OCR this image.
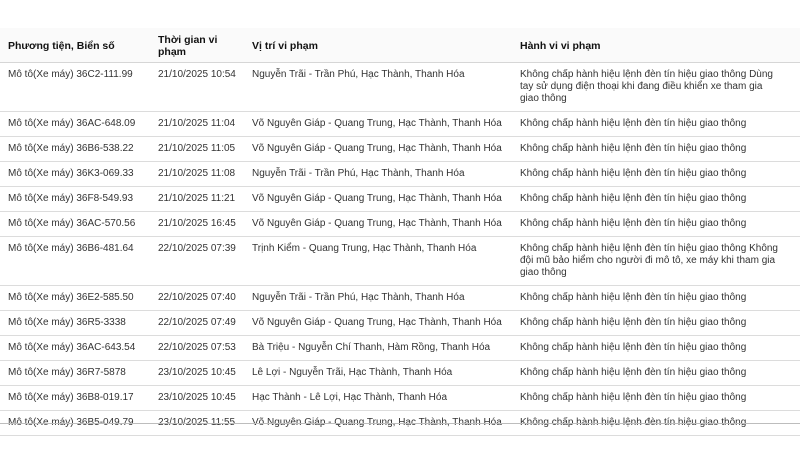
Phương tiện, Biển số	Thời gian vi phạm	Vị trí vi phạm	Hành vi vi phạm
Mô tô(Xe máy) 36C2-111.99	21/10/2025 10:54	Nguyễn Trãi - Trần Phú, Hạc Thành, Thanh Hóa	Không chấp hành hiệu lệnh đèn tín hiệu giao thông Dùng tay sử dụng điện thoại khi đang điều khiển xe tham gia giao thông
Mô tô(Xe máy) 36AC-648.09	21/10/2025 11:04	Võ Nguyên Giáp - Quang Trung, Hạc Thành, Thanh Hóa	Không chấp hành hiệu lệnh đèn tín hiệu giao thông
Mô tô(Xe máy) 36B6-538.22	21/10/2025 11:05	Võ Nguyên Giáp - Quang Trung, Hạc Thành, Thanh Hóa	Không chấp hành hiệu lệnh đèn tín hiệu giao thông
Mô tô(Xe máy) 36K3-069.33	21/10/2025 11:08	Nguyễn Trãi - Trần Phú, Hạc Thành, Thanh Hóa	Không chấp hành hiệu lệnh đèn tín hiệu giao thông
Mô tô(Xe máy) 36F8-549.93	21/10/2025 11:21	Võ Nguyên Giáp - Quang Trung, Hạc Thành, Thanh Hóa	Không chấp hành hiệu lệnh đèn tín hiệu giao thông
Mô tô(Xe máy) 36AC-570.56	21/10/2025 16:45	Võ Nguyên Giáp - Quang Trung, Hạc Thành, Thanh Hóa	Không chấp hành hiệu lệnh đèn tín hiệu giao thông
Mô tô(Xe máy) 36B6-481.64	22/10/2025 07:39	Trịnh Kiểm - Quang Trung, Hạc Thành, Thanh Hóa	Không chấp hành hiệu lệnh đèn tín hiệu giao thông Không đội mũ bảo hiểm cho người đi mô tô, xe máy khi tham gia giao thông
Mô tô(Xe máy) 36E2-585.50	22/10/2025 07:40	Nguyễn Trãi - Trần Phú, Hạc Thành, Thanh Hóa	Không chấp hành hiệu lệnh đèn tín hiệu giao thông
Mô tô(Xe máy) 36R5-3338	22/10/2025 07:49	Võ Nguyên Giáp - Quang Trung, Hạc Thành, Thanh Hóa	Không chấp hành hiệu lệnh đèn tín hiệu giao thông
Mô tô(Xe máy) 36AC-643.54	22/10/2025 07:53	Bà Triệu - Nguyễn Chí Thanh, Hàm Rồng, Thanh Hóa	Không chấp hành hiệu lệnh đèn tín hiệu giao thông
Mô tô(Xe máy) 36R7-5878	23/10/2025 10:45	Lê Lợi - Nguyễn Trãi, Hạc Thành, Thanh Hóa	Không chấp hành hiệu lệnh đèn tín hiệu giao thông
Mô tô(Xe máy) 36B8-019.17	23/10/2025 10:45	Hạc Thành - Lê Lợi, Hạc Thành, Thanh Hóa	Không chấp hành hiệu lệnh đèn tín hiệu giao thông
